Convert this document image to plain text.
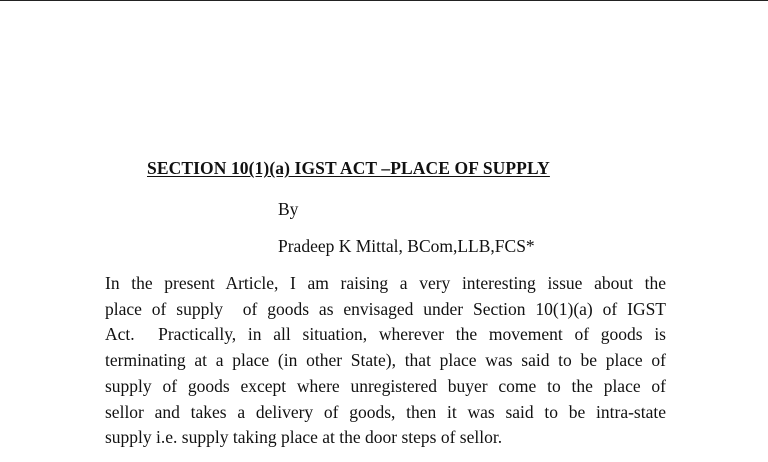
SECTION 10(1)(a) IGST ACT –PLACE OF SUPPLY
By
Pradeep K Mittal, BCom,LLB,FCS*

In the present Article, I am raising a very interesting issue about the
place of supply  of goods as envisaged under Section 10(1)(a) of IGST
Act.  Practically, in all situation, wherever the movement of goods is
terminating at a place (in other State), that place was said to be place of
supply of goods except where unregistered buyer come to the place of
sellor and takes a delivery of goods, then it was said to be intra-state
supply i.e. supply taking place at the door steps of sellor.
